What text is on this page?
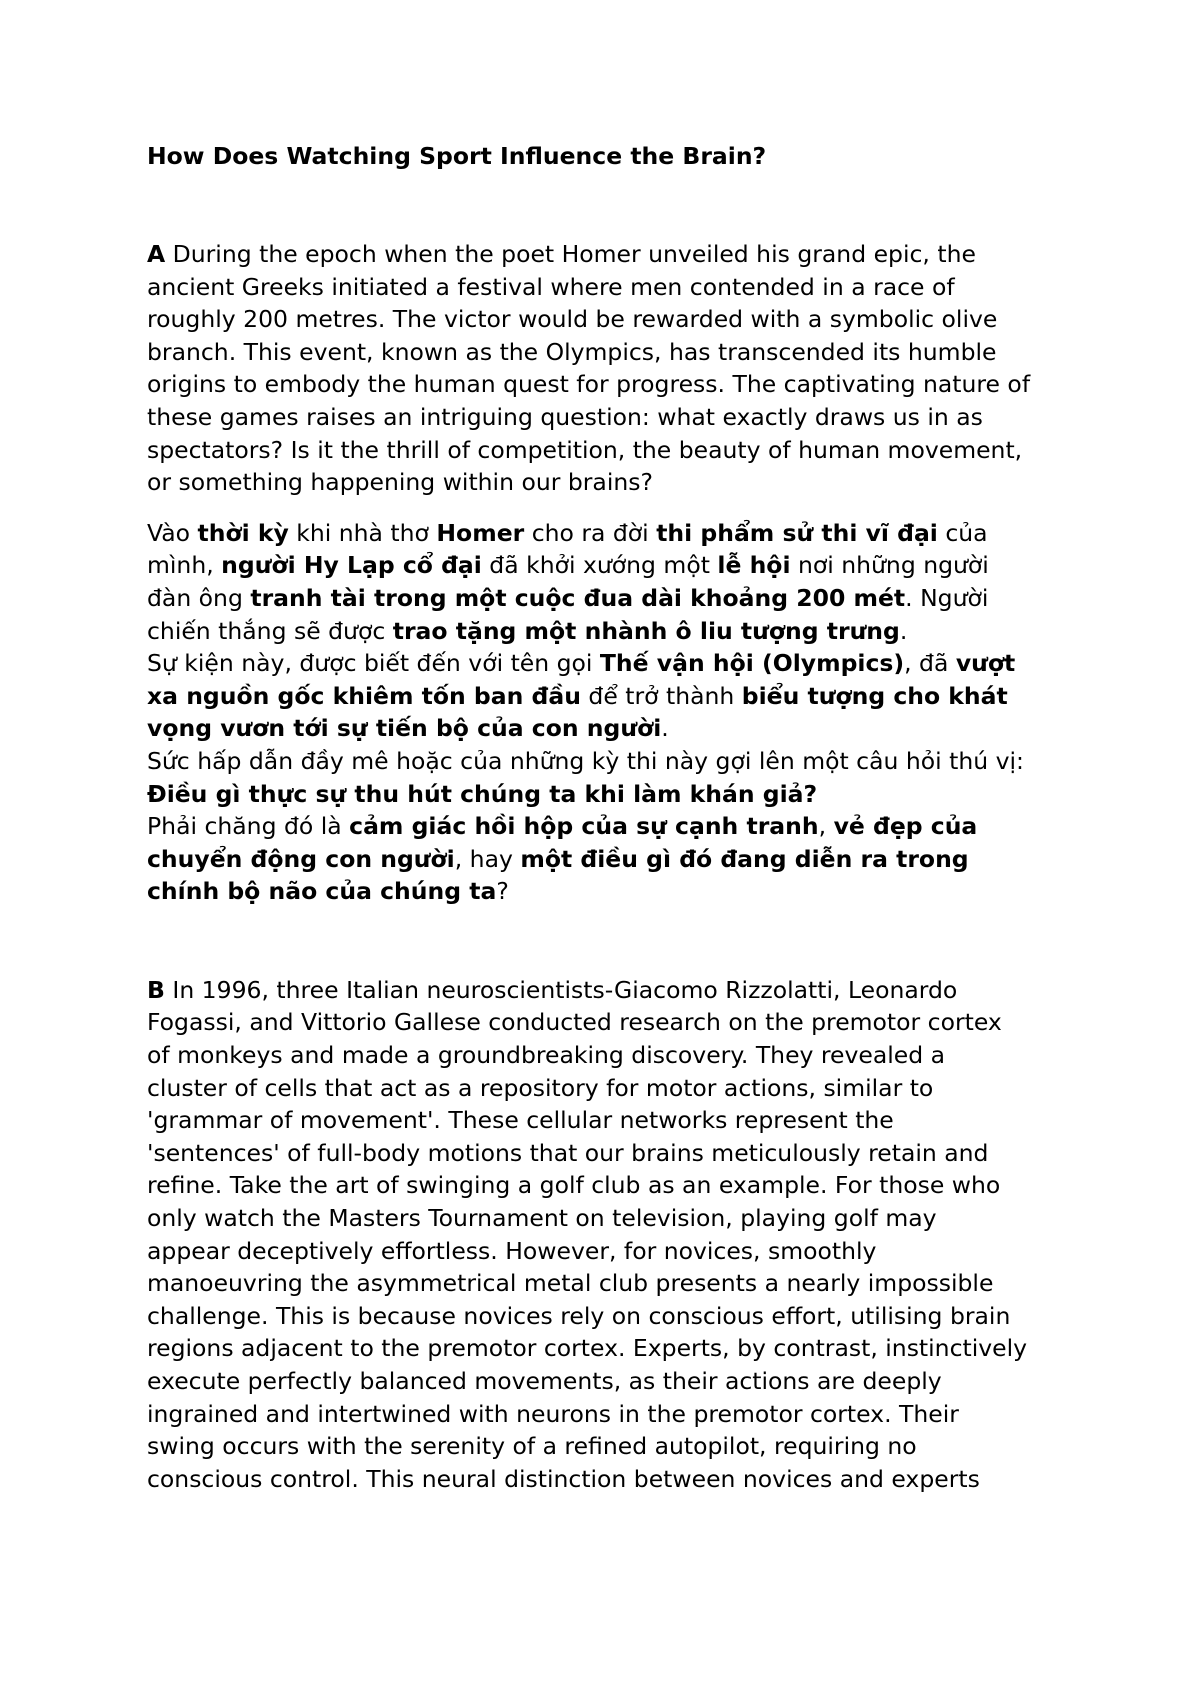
How Does Watching Sport Influence the Brain?

A During the epoch when the poet Homer unveiled his grand epic, the
ancient Greeks initiated a festival where men contended in a race of
roughly 200 metres. The victor would be rewarded with a symbolic olive
branch. This event, known as the Olympics, has transcended its humble
origins to embody the human quest for progress. The captivating nature of
these games raises an intriguing question: what exactly draws us in as
spectators? Is it the thrill of competition, the beauty of human movement,
or something happening within our brains?
Vào thời kỳ khi nhà thơ Homer cho ra đời thi phẩm sử thi vĩ đại của
mình, người Hy Lạp cổ đại đã khởi xướng một lễ hội nơi những người
đàn ông tranh tài trong một cuộc đua dài khoảng 200 mét. Người
chiến thắng sẽ được trao tặng một nhành ô liu tượng trưng.
Sự kiện này, được biết đến với tên gọi Thế vận hội (Olympics), đã vượt
xa nguồn gốc khiêm tốn ban đầu để trở thành biểu tượng cho khát
vọng vươn tới sự tiến bộ của con người.
Sức hấp dẫn đầy mê hoặc của những kỳ thi này gợi lên một câu hỏi thú vị:
Điều gì thực sự thu hút chúng ta khi làm khán giả?
Phải chăng đó là cảm giác hồi hộp của sự cạnh tranh, vẻ đẹp của
chuyển động con người, hay một điều gì đó đang diễn ra trong
chính bộ não của chúng ta?
B In 1996, three Italian neuroscientists-Giacomo Rizzolatti, Leonardo
Fogassi, and Vittorio Gallese conducted research on the premotor cortex
of monkeys and made a groundbreaking discovery. They revealed a
cluster of cells that act as a repository for motor actions, similar to
'grammar of movement'. These cellular networks represent the
'sentences' of full-body motions that our brains meticulously retain and
refine. Take the art of swinging a golf club as an example. For those who
only watch the Masters Tournament on television, playing golf may
appear deceptively effortless. However, for novices, smoothly
manoeuvring the asymmetrical metal club presents a nearly impossible
challenge. This is because novices rely on conscious effort, utilising brain
regions adjacent to the premotor cortex. Experts, by contrast, instinctively
execute perfectly balanced movements, as their actions are deeply
ingrained and intertwined with neurons in the premotor cortex. Their
swing occurs with the serenity of a refined autopilot, requiring no
conscious control. This neural distinction between novices and experts
